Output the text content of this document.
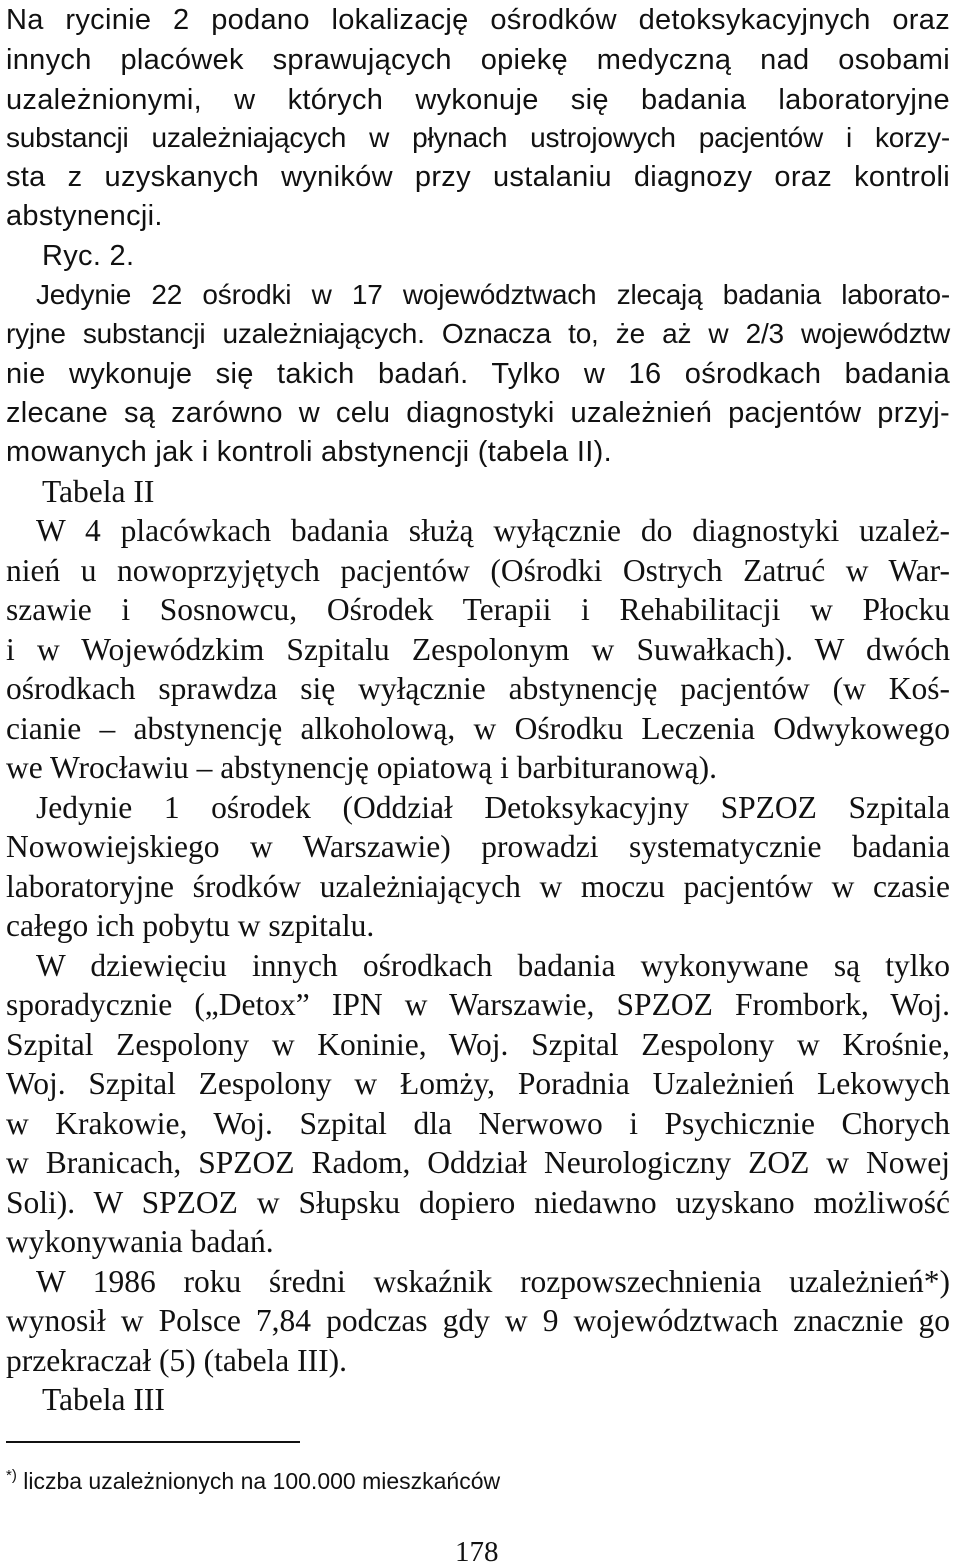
Na rycinie 2 podano lokalizację ośrodków detoksykacyjnych oraz
innych placówek sprawujących opiekę medyczną nad osobami
uzależnionymi, w których wykonuje się badania laboratoryjne
substancji uzależniających w płynach ustrojowych pacjentów i korzy-
sta z uzyskanych wyników przy ustalaniu diagnozy oraz kontroli
abstynencji.
Ryc. 2.
Jedynie 22 ośrodki w 17 województwach zlecają badania laborato-
ryjne substancji uzależniających. Oznacza to, że aż w 2/3 województw
nie wykonuje się takich badań. Tylko w 16 ośrodkach badania
zlecane są zarówno w celu diagnostyki uzależnień pacjentów przyj-
mowanych jak i kontroli abstynencji (tabela II).
Tabela II
W 4 placówkach badania służą wyłącznie do diagnostyki uzależ-
nień u nowoprzyjętych pacjentów (Ośrodki Ostrych Zatruć w War-
szawie i Sosnowcu, Ośrodek Terapii i Rehabilitacji w Płocku
i w Wojewódzkim Szpitalu Zespolonym w Suwałkach). W dwóch
ośrodkach sprawdza się wyłącznie abstynencję pacjentów (w Koś-
cianie – abstynencję alkoholową, w Ośrodku Leczenia Odwykowego
we Wrocławiu – abstynencję opiatową i barbituranową).
Jedynie 1 ośrodek (Oddział Detoksykacyjny SPZOZ Szpitala
Nowowiejskiego w Warszawie) prowadzi systematycznie badania
laboratoryjne środków uzależniających w moczu pacjentów w czasie
całego ich pobytu w szpitalu.
W dziewięciu innych ośrodkach badania wykonywane są tylko
sporadycznie („Detox” IPN w Warszawie, SPZOZ Frombork, Woj.
Szpital Zespolony w Koninie, Woj. Szpital Zespolony w Krośnie,
Woj. Szpital Zespolony w Łomży, Poradnia Uzależnień Lekowych
w Krakowie, Woj. Szpital dla Nerwowo i Psychicznie Chorych
w Branicach, SPZOZ Radom, Oddział Neurologiczny ZOZ w Nowej
Soli). W SPZOZ w Słupsku dopiero niedawno uzyskano możliwość
wykonywania badań.
W 1986 roku średni wskaźnik rozpowszechnienia uzależnień*)
wynosił w Polsce 7,84 podczas gdy w 9 województwach znacznie go
przekraczał (5) (tabela III).
Tabela III
*) liczba uzależnionych na 100.000 mieszkańców
178
